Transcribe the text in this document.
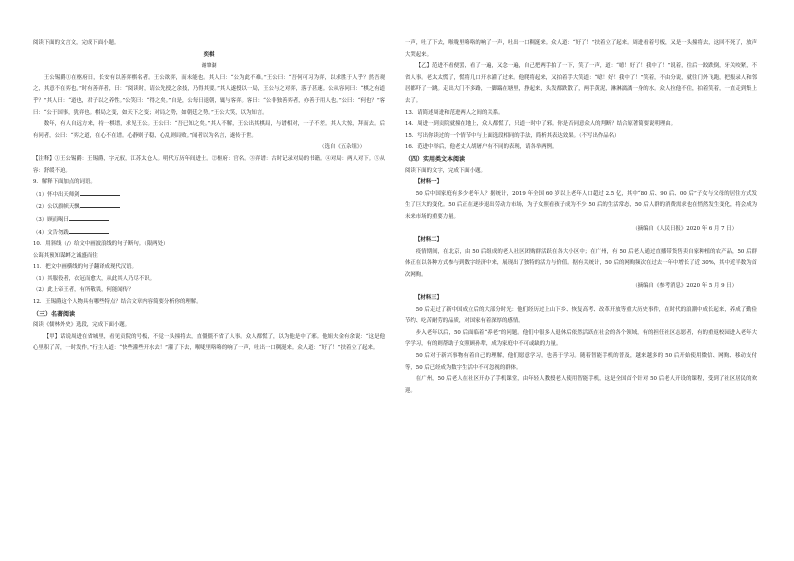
阅读下面的文言文，完成下面小题。

奕棋

谢肇淛

王公锡爵①在枢府日，长安有以善弈棋名者。王公欲弈，而未能也。其人曰：“公为此不难。”王公曰：“吾何可习为弈，以求胜于人乎？然吾观之，其意不在弈也。”时有善弈者，曰：“阅读时，请公先授之余技，乃得其要。”其人遂授以一局，王公与之对弈，落子甚速。公从容问曰：“棋之有道乎？”其人曰：“道也，君子以之养性。”公笑曰：“得之矣。”自是，公每日退朝，辄与客弈。客曰：“公非独善弈者，亦善于用人也。”公曰：“何也？”客曰：“公于国事，犹弈也。棋局之变，如天下之变；对局之势，如朝廷之势。”王公大笑，以为知言。

数年，有人自远方来，持一棋谱，求见王公。王公曰：“吾已知之矣。”其人不解，王公出其棋局，与谱相对，一子不差。其人大惊，拜而去。后有问者，公曰：“弈之道，在心不在谱。心静则子稳，心乱则局败。”闻者以为名言，遂传于世。

（选自《五杂俎》）

【注释】①王公锡爵：王锡爵，字元驭，江苏太仓人。明代万历年间进士。②枢府：官名。③弈谱：古时记录对局的书籍。④对局：两人对下。⑤从容：舒缓不迫。

9．解释下面加点的词语。

（1）怀中出天师剑

（2）公以旗帜天飘

（3）顾而喝曰

（4）文告勿践

10．用斜线（/）给文中画波浪线的句子断句。（限两处）

公诲其预知谋衅之诚盛而往

11．把文中画横线的句子翻译成现代汉语。

（1）其服役者，衣冠而愈大，从此其人乃尽不识。

（2）此上帝王者，有所敬畏，何能闻传？

12．王锡爵这个人物具有哪些特点？结合文章内容简要分析你的理解。

（三）名著阅读

阅读《儒林外史》选段，完成下面小题。

【甲】话说周进在省城里，看见贡院的号板，不觉一头撞将去，直僵僵不省了人事。众人都慌了，以为他是中了邪。他姐夫金有余说：“这是他心里积了苦，一时发作。”行主人道：“快些灌些开水去！”灌了下去，喉咙里咯咯的响了一声，吐出一口稠涎来。众人道：“好了！”扶着立了起来。

一声，吐了下去，喉咙里咯咯的响了一声，吐出一口稠涎来。众人道：“好了！”扶着立了起来。周进看着号板，又是一头撞将去，这回不死了，放声大哭起来。

【乙】范进不看便罢，看了一遍，又念一遍，自己把两手拍了一下，笑了一声，道：“噫！好了！我中了！”说着，往后一跤跌倒，牙关咬紧，不省人事。老太太慌了，慌将几口开水灌了过来。他爬将起来，又拍着手大笑道：“噫！好！我中了！”笑着，不由分说，就往门外飞跑，把报录人和邻居都吓了一跳。走出大门不多路，一脚踹在塘里，挣起来，头发都跌散了，两手黄泥，淋淋漓漓一身的水。众人拉他不住，拍着笑着，一直走到集上去了。

13．请简述周进和范进两人之间的关系。

14．周进一到贡院就撞在地上，众人都慌了，只道一时中了邪。你是否同意众人的判断？结合原著简要说明理由。

15．写出你读过的一个情节中与上面选段相同的手法，简析其表达效果。（不写出作品名）

16．范进中举后，他老丈人胡屠户有不同的表现，请各举两例。

（四）实用类文本阅读

阅读下面的文字，完成下面小题。

【材料一】

50 后中国家庭有多少老年人？据统计，2019 年全国 60 岁以上老年人口超过 2.5 亿，其中“80 后、90 后、00 后”子女与父母的居住方式发生了巨大的变化。50 后正在逐步退出劳动力市场，为子女照看孩子成为不少 50 后的生活常态，50 后人群的消费需求也在悄然发生变化，将会成为未来市场的重要力量。

（摘编自《人民日报》2020 年 6 月 7 日）

【材料二】

疫情期间，在北京，由 50 后组成的老人社区团购群活跃在各大小区中；在广州，有 50 后老人通过直播带货售卖自家种植的农产品，50 后群体正在以各种方式参与到数字经济中来，展现出了独特的活力与价值。据有关统计，50 后的网购频次在过去一年中增长了近 30%，其中近半数为首次网购。

（摘编自《参考消息》2020 年 5 月 9 日）

【材料三】

50 后走过了新中国成立后的大部分时光：他们经历过上山下乡、恢复高考、改革开放等重大历史事件，在时代的浪潮中成长起来，养成了勤俭节约、吃苦耐劳的品质，对国家有着深厚的感情。

步入老年以后，50 后面临着“养老”的问题。他们中很多人退休后依然活跃在社会的各个领域，有的担任社区志愿者，有的重返校园进入老年大学学习，有的则帮助子女照顾孙辈，成为家庭中不可或缺的力量。

50 后对于新兴事物有着自己的理解，他们愿意学习，也善于学习。随着智能手机的普及，越来越多的 50 后开始使用微信、网购、移动支付等，50 后已经成为数字生活中不可忽视的群体。

在广州，50 后老人在社区开办了手机课堂，由年轻人教授老人使用智能手机，这是全国首个针对 50 后老人开设的课程，受到了社区居民的欢迎。
